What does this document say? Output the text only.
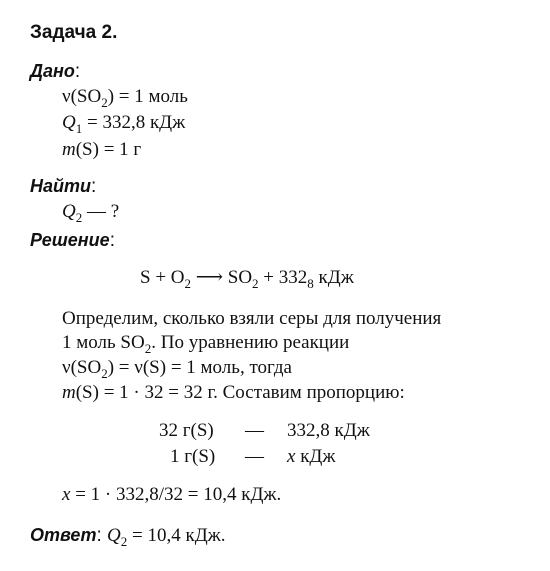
Задача 2.
Дано:
$\nu(SO_2) = 1$ моль
$Q_1 = 332,8$ кДж
m(S) = 1 г
Найти:
$Q_2$ — ?
Решение:
$S + O_2$ ⟶ $SO_2 + 332_8$ кДж
Определим, сколько взяли серы для получения
1 моль $SO_2$. По уравнению реакции
$\nu(SO_2) = \nu(S) = 1$ моль, тогда
m(S) = 1 · 32 = 32 г. Составим пропорцию:
32 г(S) — 332,8 кДж
1 г(S) — x кДж
x = 1 · 332,8/32 = 10,4 кДж.
Ответ: $Q_2 = 10,4$ кДж.
